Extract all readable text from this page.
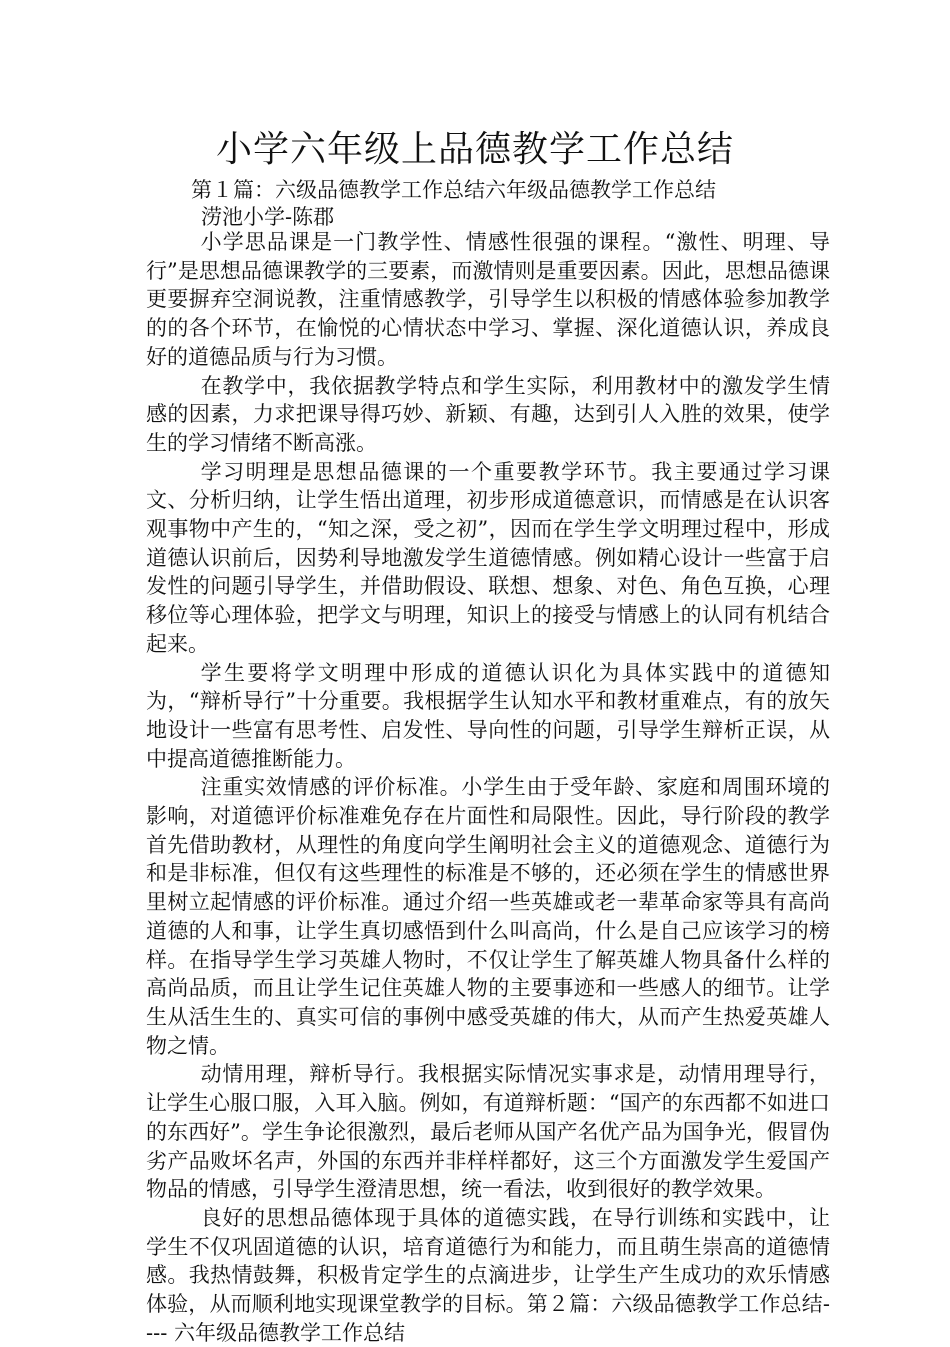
小学六年级上品德教学工作总结
第１篇：六级品德教学工作总结六年级品德教学工作总结
涝池小学-陈郡

小学思品课是一门教学性、情感性很强的课程。“激性、明理、导行”是思想品德课教学的三要素，而激情则是重要因素。因此，思想品德课更要摒弃空洞说教，注重情感教学，引导学生以积极的情感体验参加教学的的各个环节，在愉悦的心情状态中学习、掌握、深化道德认识，养成良好的道德品质与行为习惯。

在教学中，我依据教学特点和学生实际，利用教材中的激发学生情感的因素，力求把课导得巧妙、新颖、有趣，达到引人入胜的效果，使学生的学习情绪不断高涨。

学习明理是思想品德课的一个重要教学环节。我主要通过学习课文、分析归纳，让学生悟出道理，初步形成道德意识，而情感是在认识客观事物中产生的，“知之深，受之初”，因而在学生学文明理过程中，形成道德认识前后，因势利导地激发学生道德情感。例如精心设计一些富于启发性的问题引导学生，并借助假设、联想、想象、对色、角色互换，心理移位等心理体验，把学文与明理，知识上的接受与情感上的认同有机结合起来。

学生要将学文明理中形成的道德认识化为具体实践中的道德知为，“辩析导行”十分重要。我根据学生认知水平和教材重难点，有的放矢地设计一些富有思考性、启发性、导向性的问题，引导学生辩析正误，从中提高道德推断能力。

注重实效情感的评价标准。小学生由于受年龄、家庭和周围环境的影响，对道德评价标准难免存在片面性和局限性。因此，导行阶段的教学首先借助教材，从理性的角度向学生阐明社会主义的道德观念、道德行为和是非标准，但仅有这些理性的标准是不够的，还必须在学生的情感世界里树立起情感的评价标准。通过介绍一些英雄或老一辈革命家等具有高尚道德的人和事，让学生真切感悟到什么叫高尚，什么是自己应该学习的榜样。在指导学生学习英雄人物时，不仅让学生了解英雄人物具备什么样的高尚品质，而且让学生记住英雄人物的主要事迹和一些感人的细节。让学生从活生生的、真实可信的事例中感受英雄的伟大，从而产生热爱英雄人物之情。

动情用理，辩析导行。我根据实际情况实事求是，动情用理导行，让学生心服口服，入耳入脑。例如，有道辩析题：“国产的东西都不如进口的东西好”。学生争论很激烈，最后老师从国产名优产品为国争光，假冒伪劣产品败坏名声，外国的东西并非样样都好，这三个方面激发学生爱国产物品的情感，引导学生澄清思想，统一看法，收到很好的教学效果。

良好的思想品德体现于具体的道德实践，在导行训练和实践中，让学生不仅巩固道德的认识，培育道德行为和能力，而且萌生崇高的道德情感。我热情鼓舞，积极肯定学生的点滴进步，让学生产生成功的欢乐情感体验，从而顺利地实现课堂教学的目标。第２篇：六级品德教学工作总结---- 六年级品德教学工作总结
